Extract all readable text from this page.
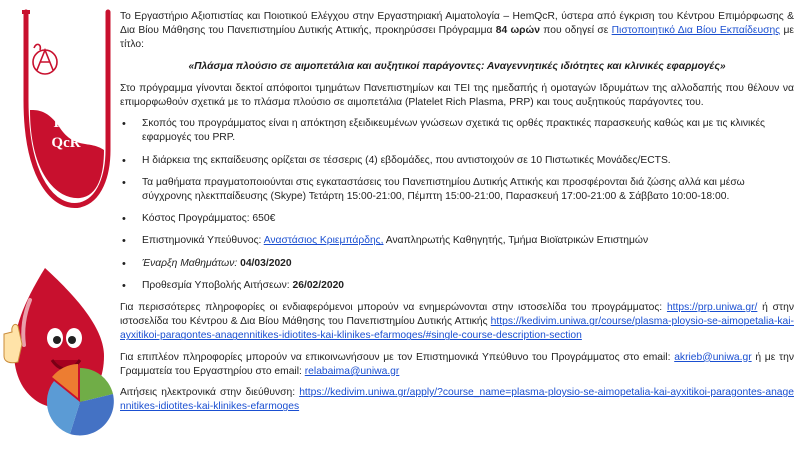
Hem
QcR

Το Εργαστήριο Αξιοπιστίας και Ποιοτικού Ελέγχου στην Εργαστηριακή Αιματολογία – HemQcR, ύστερα από έγκριση του Κέντρου Επιμόρφωσης & Δια Βίου Μάθησης του Πανεπιστημίου Δυτικής Αττικής, προκηρύσσει Πρόγραμμα 84 ωρών που οδηγεί σε Πιστοποιητικό Δια Βίου Εκπαίδευσης με τίτλο:

«Πλάσμα πλούσιο σε αιμοπετάλια και αυξητικοί παράγοντες: Αναγεννητικές ιδιότητες και κλινικές εφαρμογές»

Στο πρόγραμμα γίνονται δεκτοί απόφοιτοι τμημάτων Πανεπιστημίων και ΤΕΙ της ημεδαπής ή ομοταγών Ιδρυμάτων της αλλοδαπής που θέλουν να επιμορφωθούν σχετικά με το πλάσμα πλούσιο σε αιμοπετάλια (Platelet Rich Plasma, PRP) και τους αυξητικούς παράγοντες του.

• Σκοπός του προγράμματος είναι η απόκτηση εξειδικευμένων γνώσεων σχετικά τις ορθές πρακτικές παρασκευής καθώς και με τις κλινικές εφαρμογές του PRP.
• Η διάρκεια της εκπαίδευσης ορίζεται σε τέσσερις (4) εβδομάδες, που αντιστοιχούν σε 10 Πιστωτικές Μονάδες/ECTS.
• Τα μαθήματα πραγματοποιούνται στις εγκαταστάσεις του Πανεπιστημίου Δυτικής Αττικής και προσφέρονται διά ζώσης αλλά και μέσω σύγχρονης ηλεκτπαίδευσης (Skype) Τετάρτη 15:00-21:00, Πέμπτη 15:00-21:00, Παρασκευή 17:00-21:00 & Σάββατο 10:00-18:00.
• Κόστος Προγράμματος: 650€
• Επιστημονικά Υπεύθυνος: Αναστάσιος Κριεμπάρδης, Αναπληρωτής Καθηγητής, Τμήμα Βιοϊατρικών Επιστημών
• Έναρξη Μαθημάτων: 04/03/2020
• Προθεσμία Υποβολής Αιτήσεων: 26/02/2020

Για περισσότερες πληροφορίες οι ενδιαφερόμενοι μπορούν να ενημερώνονται στην ιστοσελίδα του προγράμματος: https://prp.uniwa.gr/ ή στην ιστοσελίδα του Κέντρου & Δια Βίου Μάθησης του Πανεπιστημίου Δυτικής Αττικής https://kedivim.uniwa.gr/course/plasma-ploysio-se-aimopetalia-kai-ayxitikoi-paragontes-anagennitikes-idiotites-kai-klinikes-efarmoges/#single-course-description-section

Για επιπλέον πληροφορίες μπορούν να επικοινωνήσουν με τον Επιστημονικά Υπεύθυνο του Προγράμματος στο email: akrieb@uniwa.gr ή με την Γραμματεία του Εργαστηρίου στο email: relabaima@uniwa.gr

Αιτήσεις ηλεκτρονικά στην διεύθυνση: https://kedivim.uniwa.gr/apply/?course_name=plasma-ploysio-se-aimopetalia-kai-ayxitikoi-paragontes-anagennitikes-idiotites-kai-klinikes-efarmoges
